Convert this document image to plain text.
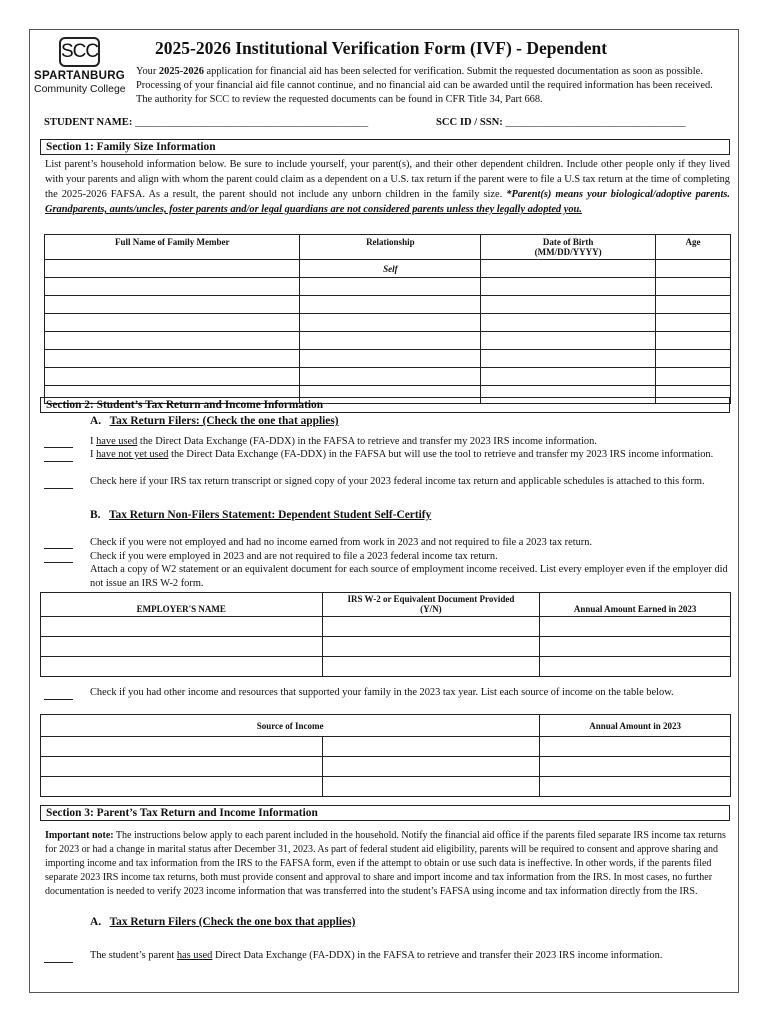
SCC
SPARTANBURG
Community College
2025-2026 Institutional Verification Form (IVF) - Dependent
Your 2025-2026 application for financial aid has been selected for verification. Submit the requested documentation as soon as possible. Processing of your financial aid file cannot continue, and no financial aid can be awarded until the required information has been received. The authority for SCC to review the requested documents can be found in CFR Title 34, Part 668.
STUDENT NAME: ____________________________________________	SCC ID / SSN: __________________________________
Section 1: Family Size Information
List parent’s household information below. Be sure to include yourself, your parent(s), and their other dependent children. Include other people only if they lived with your parents and align with whom the parent could claim as a dependent on a U.S. tax return if the parent were to file a U.S tax return at the time of completing the 2025-2026 FAFSA. As a result, the parent should not include any unborn children in the family size. *Parent(s) means your biological/adoptive parents. Grandparents, aunts/uncles, foster parents and/or legal guardians are not considered parents unless they legally adopted you.
Full Name of Family Member	Relationship	Date of Birth (MM/DD/YYYY)	Age
	Self		

Section 2: Student’s Tax Return and Income Information
A. Tax Return Filers: (Check the one that applies)
I have used the Direct Data Exchange (FA-DDX) in the FAFSA to retrieve and transfer my 2023 IRS income information.
I have not yet used the Direct Data Exchange (FA-DDX) in the FAFSA but will use the tool to retrieve and transfer my 2023 IRS income information.
Check here if your IRS tax return transcript or signed copy of your 2023 federal income tax return and applicable schedules is attached to this form.
B. Tax Return Non-Filers Statement: Dependent Student Self-Certify
Check if you were not employed and had no income earned from work in 2023 and not required to file a 2023 tax return.
Check if you were employed in 2023 and are not required to file a 2023 federal income tax return.
Attach a copy of W2 statement or an equivalent document for each source of employment income received. List every employer even if the employer did not issue an IRS W-2 form.
EMPLOYER'S NAME	IRS W-2 or Equivalent Document Provided (Y/N)	Annual Amount Earned in 2023

Check if you had other income and resources that supported your family in the 2023 tax year. List each source of income on the table below.
Source of Income		Annual Amount in 2023

Section 3: Parent’s Tax Return and Income Information
Important note: The instructions below apply to each parent included in the household. Notify the financial aid office if the parents filed separate IRS income tax returns for 2023 or had a change in marital status after December 31, 2023. As part of federal student aid eligibility, parents will be required to consent and approve sharing and importing income and tax information from the IRS to the FAFSA form, even if the attempt to obtain or use such data is ineffective. In other words, if the parents filed separate 2023 IRS income tax returns, both must provide consent and approval to share and import income and tax information from the IRS. In most cases, no further documentation is needed to verify 2023 income information that was transferred into the student’s FAFSA using income and tax information directly from the IRS.
A. Tax Return Filers (Check the one box that applies)
The student’s parent has used Direct Data Exchange (FA-DDX) in the FAFSA to retrieve and transfer their 2023 IRS income information.
